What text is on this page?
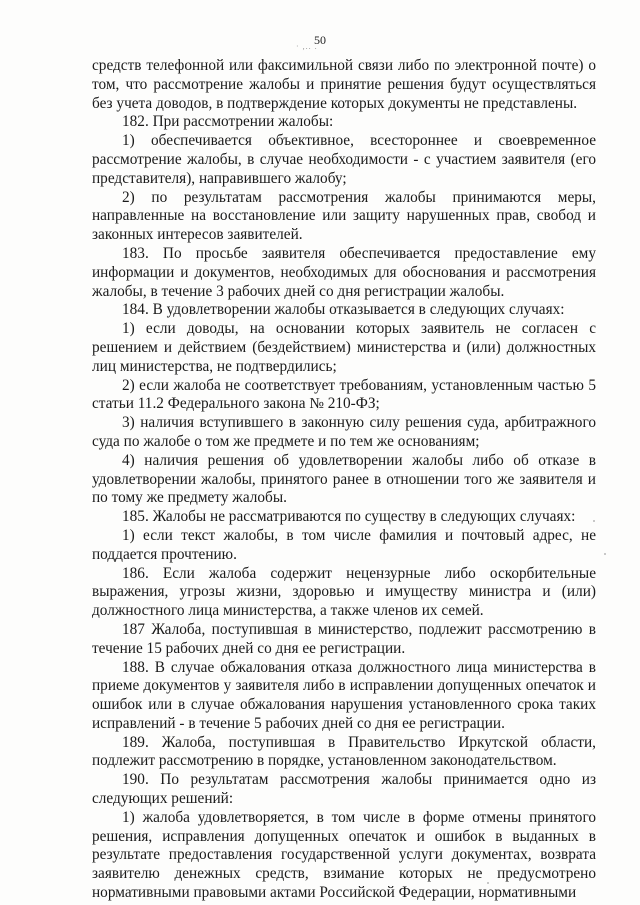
50
· ,.. .

средств телефонной или факсимильной связи либо по электронной почте) о том, что рассмотрение жалобы и принятие решения будут осуществляться без учета доводов, в подтверждение которых документы не представлены.

182. При рассмотрении жалобы:

1) обеспечивается объективное, всестороннее и своевременное рассмотрение жалобы, в случае необходимости - с участием заявителя (его представителя), направившего жалобу;

2) по результатам рассмотрения жалобы принимаются меры, направленные на восстановление или защиту нарушенных прав, свобод и законных интересов заявителей.

183. По просьбе заявителя обеспечивается предоставление ему информации и документов, необходимых для обоснования и рассмотрения жалобы, в течение 3 рабочих дней со дня регистрации жалобы.

184. В удовлетворении жалобы отказывается в следующих случаях:

1) если доводы, на основании которых заявитель не согласен с решением и действием (бездействием) министерства и (или) должностных лиц министерства, не подтвердились;

2) если жалоба не соответствует требованиям, установленным частью 5 статьи 11.2 Федерального закона № 210-ФЗ;

3) наличия вступившего в законную силу решения суда, арбитражного суда по жалобе о том же предмете и по тем же основаниям;

4) наличия решения об удовлетворении жалобы либо об отказе в удовлетворении жалобы, принятого ранее в отношении того же заявителя и по тому же предмету жалобы.

185. Жалобы не рассматриваются по существу в следующих случаях:

1) если текст жалобы, в том числе фамилия и почтовый адрес, не поддается прочтению.

186. Если жалоба содержит нецензурные либо оскорбительные выражения, угрозы жизни, здоровью и имуществу министра и (или) должностного лица министерства, а также членов их семей.

187 Жалоба, поступившая в министерство, подлежит рассмотрению в течение 15 рабочих дней со дня ее регистрации.

188. В случае обжалования отказа должностного лица министерства в приеме документов у заявителя либо в исправлении допущенных опечаток и ошибок или в случае обжалования нарушения установленного срока таких исправлений - в течение 5 рабочих дней со дня ее регистрации.

189. Жалоба, поступившая в Правительство Иркутской области, подлежит рассмотрению в порядке, установленном законодательством.

190. По результатам рассмотрения жалобы принимается одно из следующих решений:

1) жалоба удовлетворяется, в том числе в форме отмены принятого решения, исправления допущенных опечаток и ошибок в выданных в результате предоставления государственной услуги документах, возврата заявителю денежных средств, взимание которых не предусмотрено нормативными правовыми актами Российской Федерации, нормативными
